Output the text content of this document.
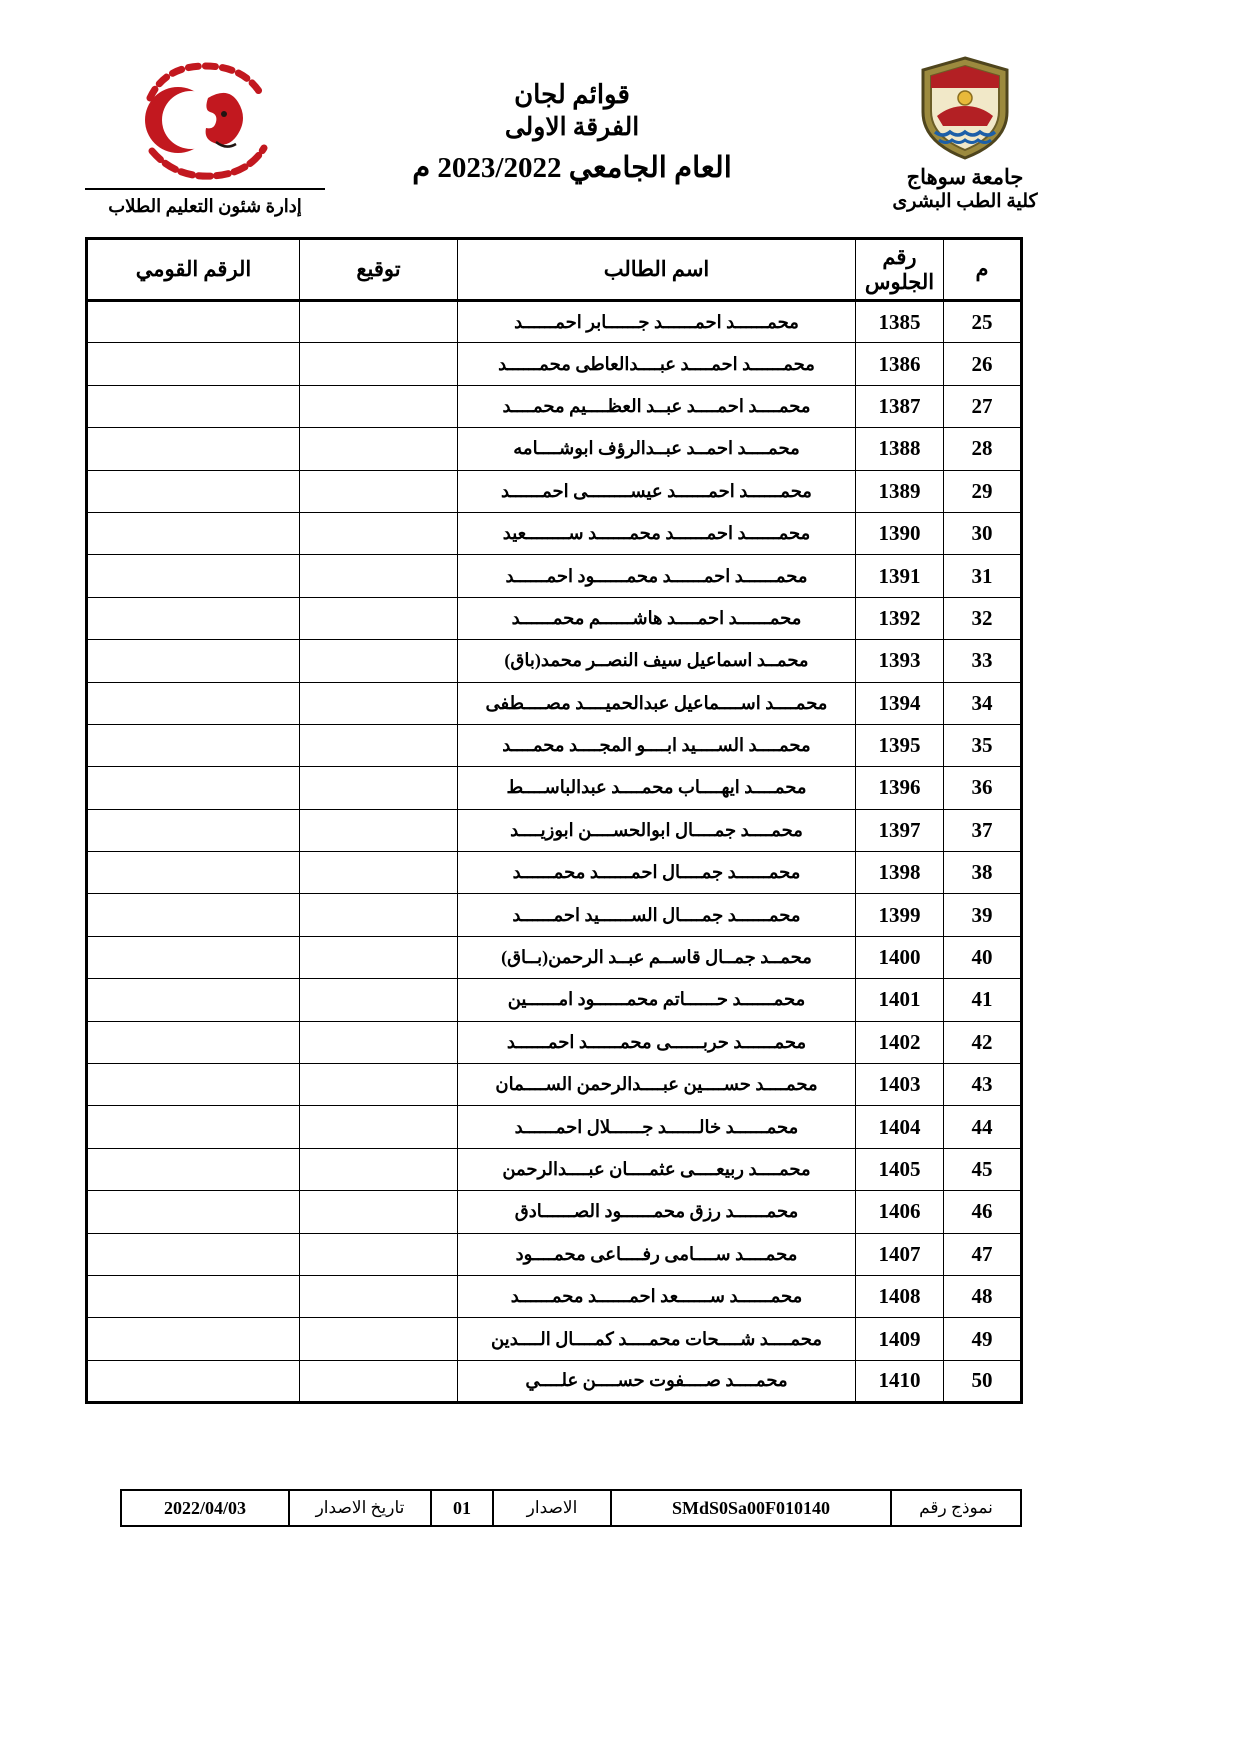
إدارة شئون التعليم الطلاب
قوائم لجان
الفرقة الاولى
العام الجامعي 2023/2022 م	جامعة سوهاج
كلية الطب البشرى
م	رقم الجلوس	اسم الطالب	توقيع	الرقم القومي
25	1385	محمــــــد احمــــــد جــــــابر احمــــــد		
26	1386	محمــــــد احمــــد عبــــدالعاطى محمــــــد		
27	1387	محمــــد احمــــد عبــد العظــــيم محمــــد		
28	1388	محمــــد احمــد عبــدالرؤف ابوشــــامه		
29	1389	محمــــــد احمــــــد عيســــــــى احمــــــد		
30	1390	محمــــــد احمــــــد محمــــــد ســــــــعيد		
31	1391	محمــــــد احمــــــد محمــــــود احمــــــد		
32	1392	محمــــــد احمــــد هاشــــــم محمــــــد		
33	1393	محمــد اسماعيل سيف النصــر محمد(باق)		
34	1394	محمــــد اســــماعيل عبدالحميــــد مصــــطفى		
35	1395	محمــــد الســــيد ابــــو المجــــد محمــــد		
36	1396	محمــــد ايهــــاب محمــــد عبدالباســــط		
37	1397	محمــــد جمــــال ابوالحســــن ابوزيــــد		
38	1398	محمــــــد جمــــال احمــــــد محمــــــد		
39	1399	محمــــــد جمــــال الســــــيد احمــــــد		
40	1400	محمــد جمــال قاســم عبــد الرحمن(بــاق)		
41	1401	محمــــــد حــــــاتم محمــــــود امــــــين		
42	1402	محمــــــد حربــــــى محمــــــد احمــــــد		
43	1403	محمــــد حســــين عبــــدالرحمن الســــمان		
44	1404	محمــــــد خالــــــد جــــــلال احمــــــد		
45	1405	محمــــد ربيعــــى عثمــــان عبــــدالرحمن		
46	1406	محمــــــد رزق محمــــــود الصــــــادق		
47	1407	محمــــد ســــامى رفــــاعى محمــــود		
48	1408	محمــــــد ســــــعد احمــــــد محمــــــد		
49	1409	محمــــد شــــحات محمــــد كمــــال الــــدين		
50	1410	محمــــد صــــفوت حســــن علــــي		
نموذج رقم	SMdS0Sa00F010140	الاصدار	01	تاريخ الاصدار	2022/04/03
